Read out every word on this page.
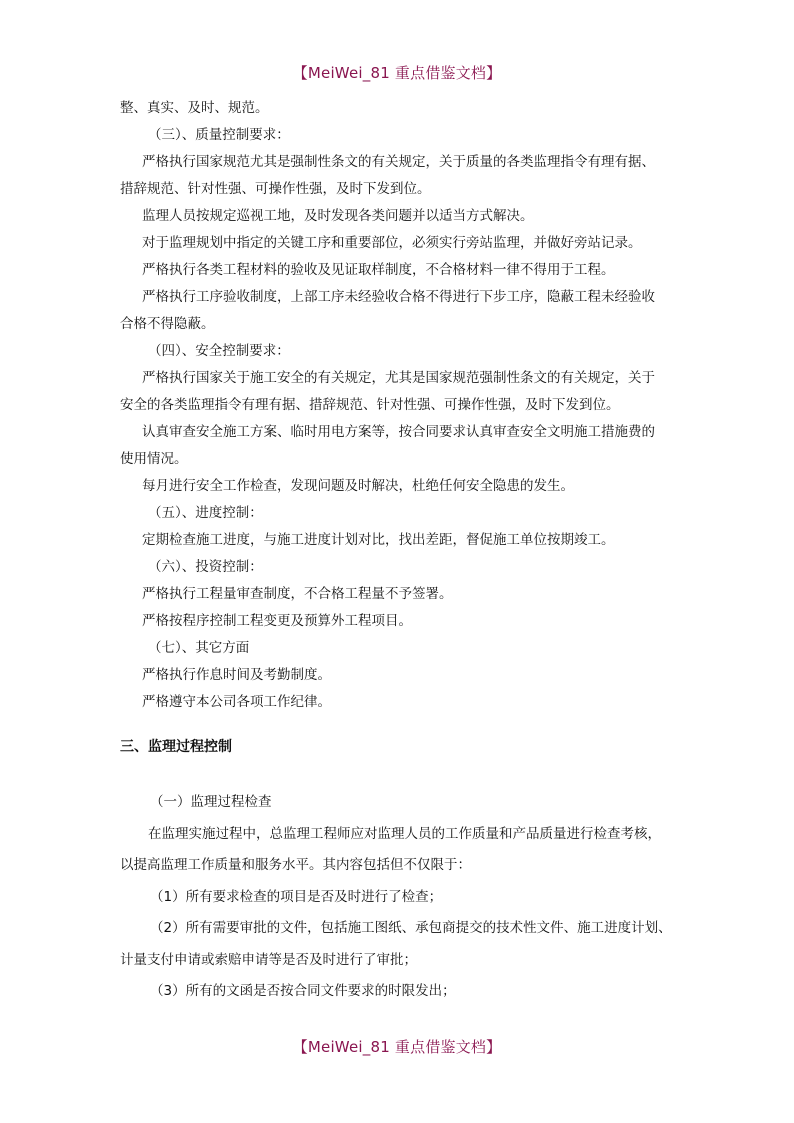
【MeiWei_81 重点借鉴文档】
整、真实、及时、规范。
（三）、质量控制要求：
严格执行国家规范尤其是强制性条文的有关规定，关于质量的各类监理指令有理有据、
措辞规范、针对性强、可操作性强，及时下发到位。
监理人员按规定巡视工地，及时发现各类问题并以适当方式解决。
对于监理规划中指定的关键工序和重要部位，必须实行旁站监理，并做好旁站记录。
严格执行各类工程材料的验收及见证取样制度，不合格材料一律不得用于工程。
严格执行工序验收制度，上部工序未经验收合格不得进行下步工序，隐蔽工程未经验收
合格不得隐蔽。
（四）、安全控制要求：
严格执行国家关于施工安全的有关规定，尤其是国家规范强制性条文的有关规定，关于
安全的各类监理指令有理有据、措辞规范、针对性强、可操作性强，及时下发到位。
认真审查安全施工方案、临时用电方案等，按合同要求认真审查安全文明施工措施费的
使用情况。
每月进行安全工作检查，发现问题及时解决，杜绝任何安全隐患的发生。
（五）、进度控制：
定期检查施工进度，与施工进度计划对比，找出差距，督促施工单位按期竣工。
（六）、投资控制：
严格执行工程量审查制度，不合格工程量不予签署。
严格按程序控制工程变更及预算外工程项目。
（七）、其它方面
严格执行作息时间及考勤制度。
严格遵守本公司各项工作纪律。
三、监理过程控制
（一）监理过程检查
在监理实施过程中，总监理工程师应对监理人员的工作质量和产品质量进行检查考核，
以提高监理工作质量和服务水平。其内容包括但不仅限于：
（1）所有要求检查的项目是否及时进行了检查；
（2）所有需要审批的文件，包括施工图纸、承包商提交的技术性文件、施工进度计划、
计量支付申请或索赔申请等是否及时进行了审批；
（3）所有的文函是否按合同文件要求的时限发出；
【MeiWei_81 重点借鉴文档】
